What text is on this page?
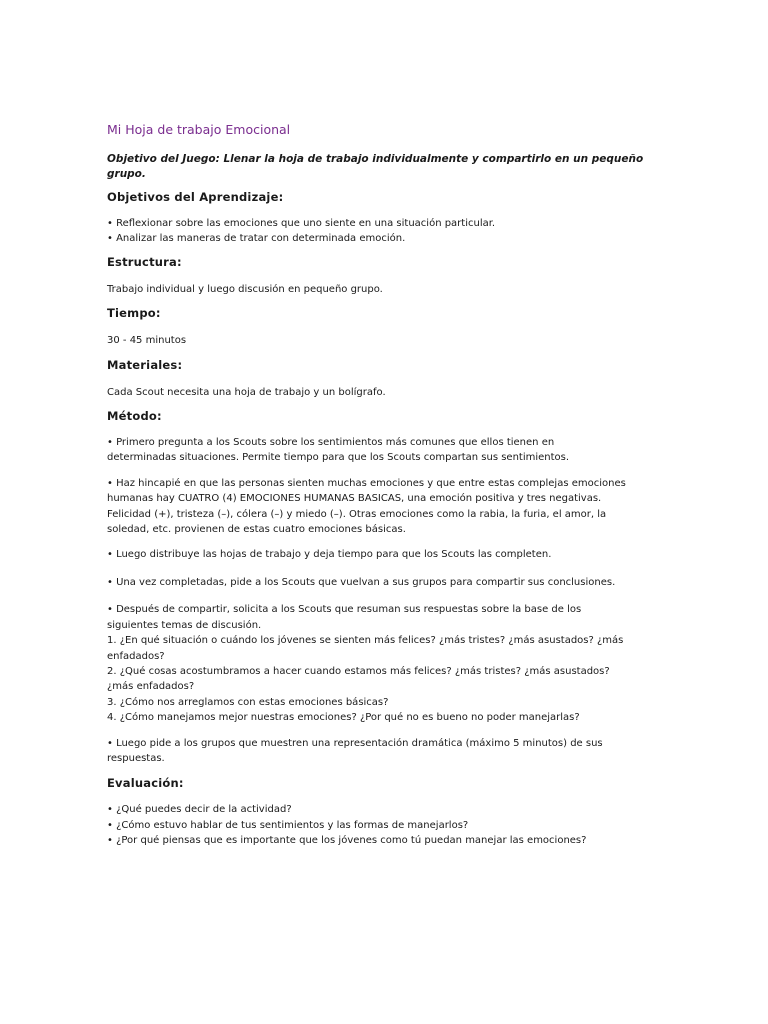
Mi Hoja de trabajo Emocional

Objetivo del Juego: Llenar la hoja de trabajo individualmente y compartirlo en un pequeño grupo.

Objetivos del Aprendizaje:

• Reflexionar sobre las emociones que uno siente en una situación particular.

• Analizar las maneras de tratar con determinada emoción.

Estructura:

Trabajo individual y luego discusión en pequeño grupo.

Tiempo:

30 - 45 minutos

Materiales:

Cada Scout necesita una hoja de trabajo y un bolígrafo.

Método:

• Primero pregunta a los Scouts sobre los sentimientos más comunes que ellos tienen en

determinadas situaciones. Permite tiempo para que los Scouts compartan sus sentimientos.

• Haz hincapié en que las personas sienten muchas emociones y que entre estas complejas emociones

humanas hay CUATRO (4) EMOCIONES HUMANAS BASICAS, una emoción positiva y tres negativas.

Felicidad (+), tristeza (–), cólera (–) y miedo (–). Otras emociones como la rabia, la furia, el amor, la

soledad, etc. provienen de estas cuatro emociones básicas.

• Luego distribuye las hojas de trabajo y deja tiempo para que los Scouts las completen.

• Una vez completadas, pide a los Scouts que vuelvan a sus grupos para compartir sus conclusiones.

• Después de compartir, solicita a los Scouts que resuman sus respuestas sobre la base de los

siguientes temas de discusión.

1. ¿En qué situación o cuándo los jóvenes se sienten más felices? ¿más tristes? ¿más asustados? ¿más

enfadados?

2. ¿Qué cosas acostumbramos a hacer cuando estamos más felices? ¿más tristes? ¿más asustados?

¿más enfadados?

3. ¿Cómo nos arreglamos con estas emociones básicas?

4. ¿Cómo manejamos mejor nuestras emociones? ¿Por qué no es bueno no poder manejarlas?

• Luego pide a los grupos que muestren una representación dramática (máximo 5 minutos) de sus

respuestas.

Evaluación:

• ¿Qué puedes decir de la actividad?

• ¿Cómo estuvo hablar de tus sentimientos y las formas de manejarlos?

• ¿Por qué piensas que es importante que los jóvenes como tú puedan manejar las emociones?
